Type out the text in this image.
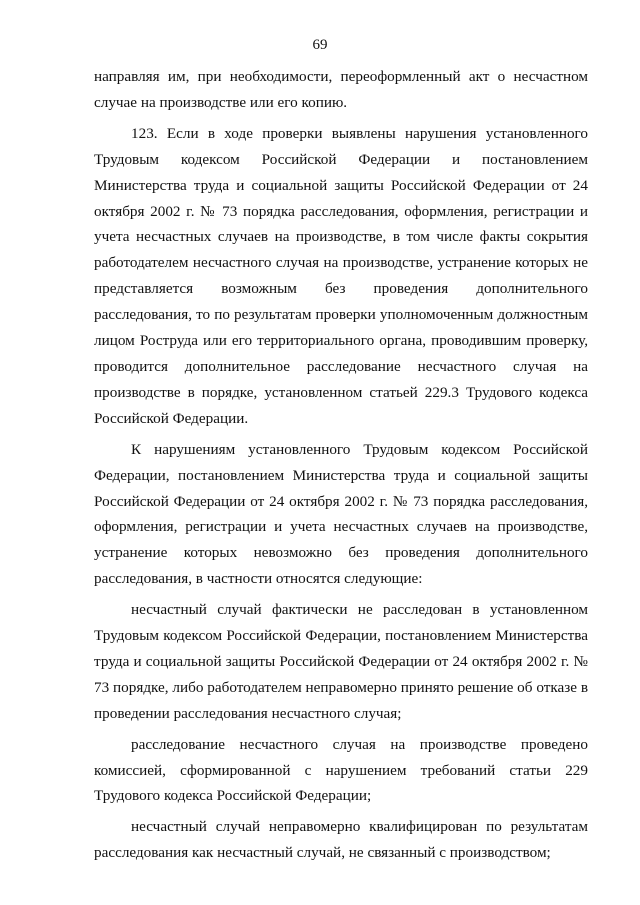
69

направляя им, при необходимости, переоформленный акт о несчастном случае на производстве или его копию.

123. Если в ходе проверки выявлены нарушения установленного Трудовым кодексом Российской Федерации и постановлением Министерства труда и социальной защиты Российской Федерации от 24 октября 2002 г. № 73 порядка расследования, оформления, регистрации и учета несчастных случаев на производстве, в том числе факты сокрытия работодателем несчастного случая на производстве, устранение которых не представляется возможным без проведения дополнительного расследования, то по результатам проверки уполномоченным должностным лицом Роструда или его территориального органа, проводившим проверку, проводится дополнительное расследование несчастного случая на производстве в порядке, установленном статьей 229.3 Трудового кодекса Российской Федерации.

К нарушениям установленного Трудовым кодексом Российской Федерации, постановлением Министерства труда и социальной защиты Российской Федерации от 24 октября 2002 г. № 73 порядка расследования, оформления, регистрации и учета несчастных случаев на производстве, устранение которых невозможно без проведения дополнительного расследования, в частности относятся следующие:

несчастный случай фактически не расследован в установленном Трудовым кодексом Российской Федерации, постановлением Министерства труда и социальной защиты Российской Федерации от 24 октября 2002 г. № 73 порядке, либо работодателем неправомерно принято решение об отказе в проведении расследования несчастного случая;

расследование несчастного случая на производстве проведено комиссией, сформированной с нарушением требований статьи 229 Трудового кодекса Российской Федерации;

несчастный случай неправомерно квалифицирован по результатам расследования как несчастный случай, не связанный с производством;
